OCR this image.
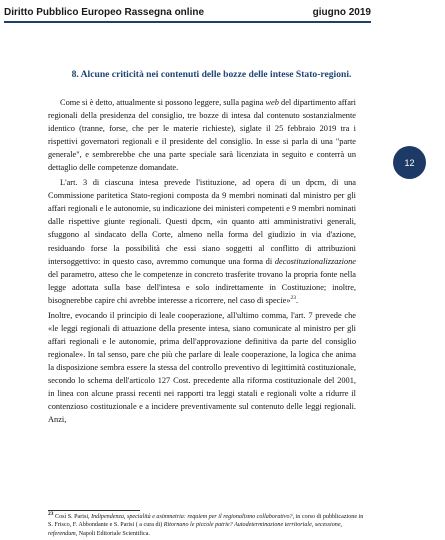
Diritto Pubblico Europeo Rassegna online	giugno 2019
8. Alcune criticità nei contenuti delle bozze delle intese Stato-regioni.
12

Come si è detto, attualmente si possono leggere, sulla pagina web del dipartimento affari regionali della presidenza del consiglio, tre bozze di intesa dal contenuto sostanzialmente identico (tranne, forse, che per le materie richieste), siglate il 25 febbraio 2019 tra i rispettivi governatori regionali e il presidente del consiglio. In esse si parla di una "parte generale", e sembrerebbe che una parte speciale sarà licenziata in seguito e conterrà un dettaglio delle competenze domandate.

L'art. 3 di ciascuna intesa prevede l'istituzione, ad opera di un dpcm, di una Commissione paritetica Stato-regioni composta da 9 membri nominati dal ministro per gli affari regionali e le autonomie, su indicazione dei ministeri competenti e 9 membri nominati dalle rispettive giunte regionali. Questi dpcm, «in quanto atti amministrativi generali, sfuggono al sindacato della Corte, almeno nella forma del giudizio in via d'azione, residuando forse la possibilità che essi siano soggetti al conflitto di attribuzioni intersoggettivo: in questo caso, avremmo comunque una forma di decostituzionalizzazione del parametro, atteso che le competenze in concreto trasferite trovano la propria fonte nella legge adottata sulla base dell'intesa e solo indirettamente in Costituzione; inoltre, bisognerebbe capire chi avrebbe interesse a ricorrere, nel caso di specie»$^{23}$.

Inoltre, evocando il principio di leale cooperazione, all'ultimo comma, l'art. 7 prevede che «le leggi regionali di attuazione della presente intesa, siano comunicate al ministro per gli affari regionali e le autonomie, prima dell'approvazione definitiva da parte del consiglio regionale». In tal senso, pare che più che parlare di leale cooperazione, la logica che anima la disposizione sembra essere la stessa del controllo preventivo di legittimità costituzionale, secondo lo schema dell'articolo 127 Cost. precedente alla riforma costituzionale del 2001, in linea con alcune prassi recenti nei rapporti tra leggi statali e regionali volte a ridurre il contenzioso costituzionale e a incidere preventivamente sul contenuto delle leggi regionali. Anzi,

$^{23}$ Così S. Parisi, Indipendenza, specialità e asimmetria: requiem per il regionalismo collaborativo?, in corso di pubblicazione in S. Frisco, F. Abbondante e S. Parisi ( a cura di) Ritornano le piccole patrie? Autodeterminazione territoriale, secessione, referendum, Napoli Editoriale Scientifica.
